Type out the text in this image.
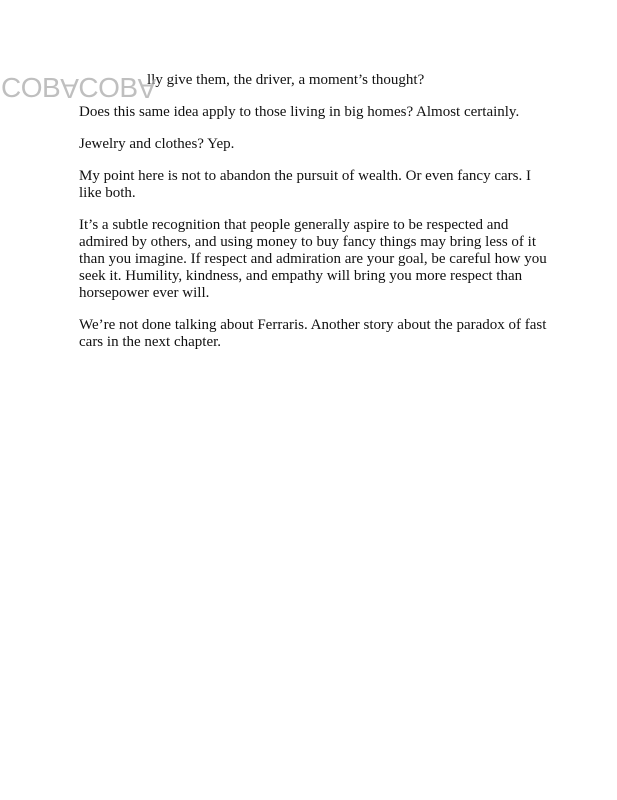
COBACOBA

lly give them, the driver, a moment’s thought?

Does this same idea apply to those living in big homes? Almost certainly.

Jewelry and clothes? Yep.

My point here is not to abandon the pursuit of wealth. Or even fancy cars. I like both.

It’s a subtle recognition that people generally aspire to be respected and admired by others, and using money to buy fancy things may bring less of it than you imagine. If respect and admiration are your goal, be careful how you seek it. Humility, kindness, and empathy will bring you more respect than horsepower ever will.

We’re not done talking about Ferraris. Another story about the paradox of fast cars in the next chapter.
